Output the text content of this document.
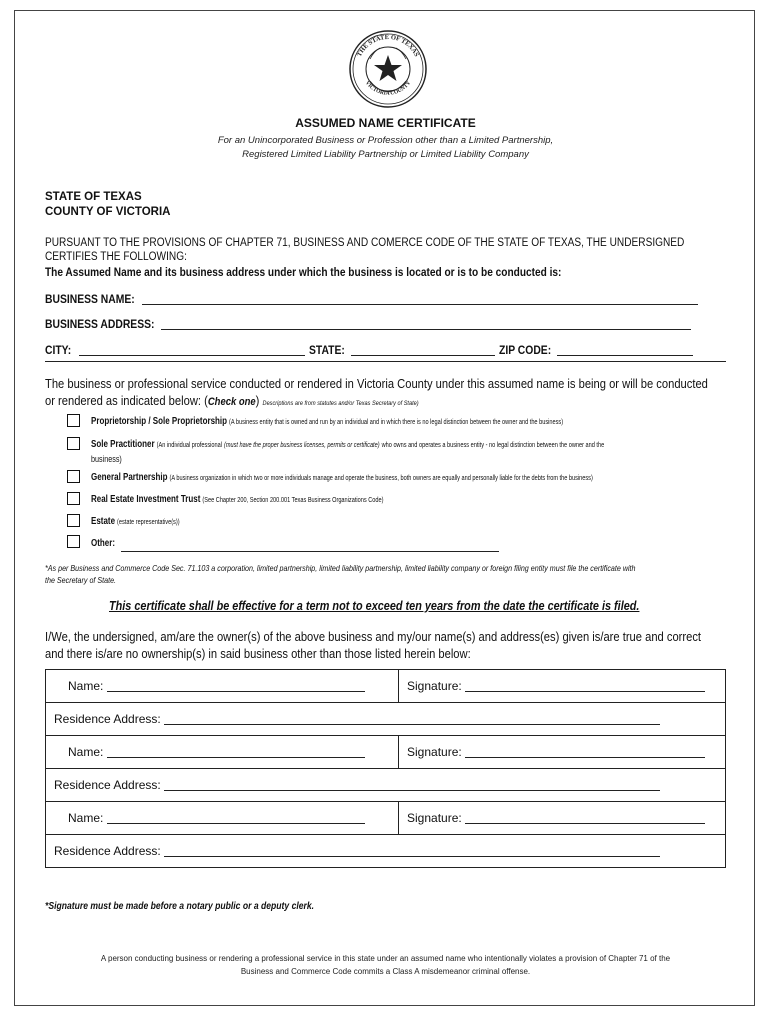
THE STATE OF TEXAS
VICTORIA COUNTY
ASSUMED NAME CERTIFICATE
For an Unincorporated Business or Profession other than a Limited Partnership,
Registered Limited Liability Partnership or Limited Liability Company
STATE OF TEXAS
COUNTY OF VICTORIA
PURSUANT TO THE PROVISIONS OF CHAPTER 71, BUSINESS AND COMERCE CODE OF THE STATE OF TEXAS, THE UNDERSIGNED
CERTIFIES THE FOLLOWING:
The Assumed Name and its business address under which the business is located or is to be conducted is:
BUSINESS NAME:
BUSINESS ADDRESS:
CITY:	STATE:	ZIP CODE:
The business or professional service conducted or rendered in Victoria County under this assumed name is being or will be conducted
or rendered as indicated below: (Check one) Descriptions are from statutes and/or Texas Secretary of State)
Proprietorship / Sole Proprietorship (A business entity that is owned and run by an individual and in which there is no legal distinction between the owner and the business)
Sole Practitioner (An individual professional (must have the proper business licenses, permits or certificate) who owns and operates a business entity - no legal distinction between the owner and the
business)
General Partnership (A business organization in which two or more individuals manage and operate the business, both owners are equally and personally liable for the debts from the business)
Real Estate Investment Trust (See Chapter 200, Section 200.001 Texas Business Organizations Code)
Estate (estate representative(s))
Other:
*As per Business and Commerce Code Sec. 71.103 a corporation, limited partnership, limited liability partnership, limited liability company or foreign filing entity must file the certificate with
the Secretary of State.
This certificate shall be effective for a term not to exceed ten years from the date the certificate is filed.
I/We, the undersigned, am/are the owner(s) of the above business and my/our name(s) and address(es) given is/are true and correct
and there is/are no ownership(s) in said business other than those listed herein below:
Name:	Signature:
Residence Address:	
Name:	Signature:
Residence Address:	
Name:	Signature:
Residence Address:	
*Signature must be made before a notary public or a deputy clerk.
A person conducting business or rendering a professional service in this state under an assumed name who intentionally violates a provision of Chapter 71 of the
Business and Commerce Code commits a Class A misdemeanor criminal offense.
